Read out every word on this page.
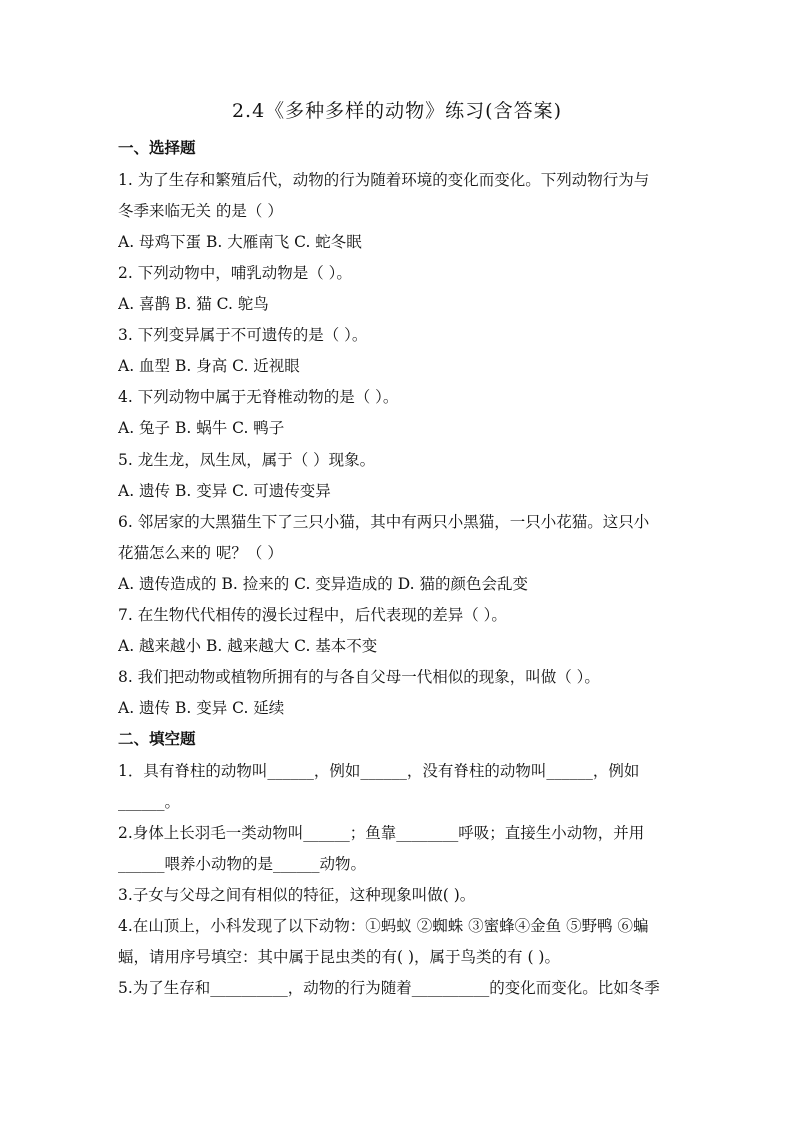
2.4《多种多样的动物》练习(含答案)
一、选择题
1. 为了生存和繁殖后代，动物的行为随着环境的变化而变化。下列动物行为与
冬季来临无关 的是（ ）
A. 母鸡下蛋 B. 大雁南飞 C. 蛇冬眠
2. 下列动物中，哺乳动物是（ ）。
A. 喜鹊 B. 猫 C. 鸵鸟
3. 下列变异属于不可遗传的是（ ）。
A. 血型 B. 身高 C. 近视眼
4. 下列动物中属于无脊椎动物的是（ ）。
A. 兔子 B. 蜗牛 C. 鸭子
5. 龙生龙，凤生凤，属于（ ）现象。
A. 遗传 B. 变异 C. 可遗传变异
6. 邻居家的大黑猫生下了三只小猫，其中有两只小黑猫，一只小花猫。这只小
花猫怎么来的 呢？（ ）
A. 遗传造成的 B. 捡来的 C. 变异造成的 D. 猫的颜色会乱变
7. 在生物代代相传的漫长过程中，后代表现的差异（ ）。
A. 越来越小 B. 越来越大 C. 基本不变
8. 我们把动物或植物所拥有的与各自父母一代相似的现象，叫做（ ）。
A. 遗传 B. 变异 C. 延续
二、填空题
1．具有脊柱的动物叫______，例如______，没有脊柱的动物叫______，例如
______。
2.身体上长羽毛一类动物叫______；鱼靠________呼吸；直接生小动物，并用
______喂养小动物的是______动物。
3.子女与父母之间有相似的特征，这种现象叫做( )。
4.在山顶上，小科发现了以下动物：①蚂蚁 ②蜘蛛 ③蜜蜂④金鱼 ⑤野鸭 ⑥蝙
蝠，请用序号填空：其中属于昆虫类的有( )，属于鸟类的有 ( )。
5.为了生存和__________，动物的行为随着__________的变化而变化。比如冬季
